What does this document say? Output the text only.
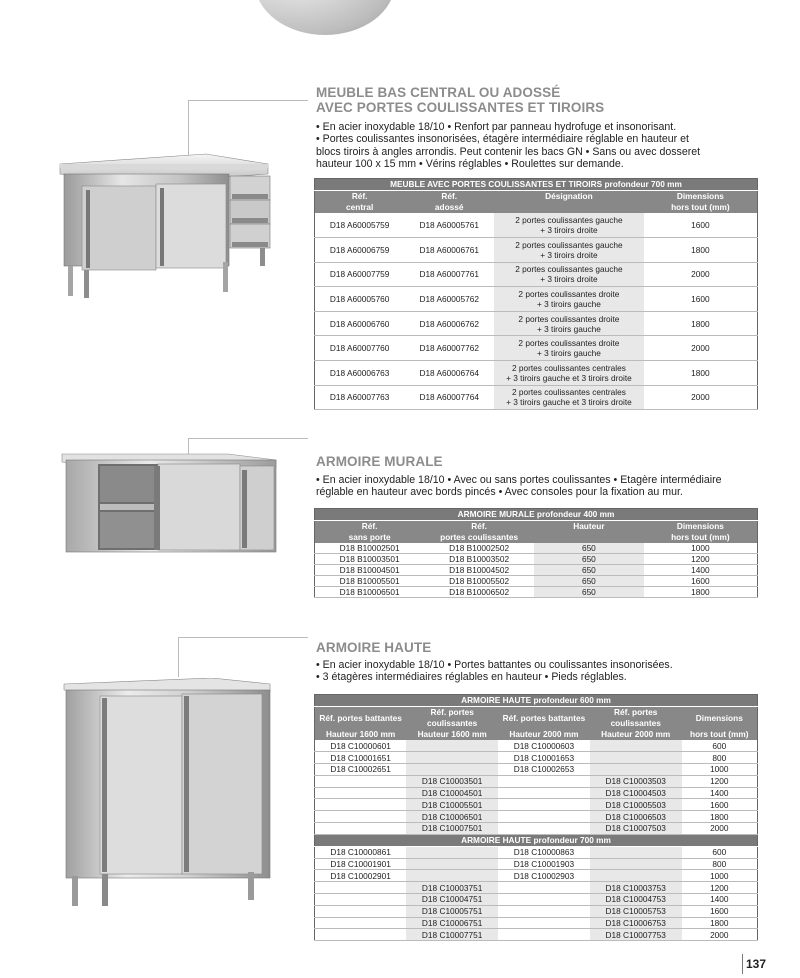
MEUBLE BAS CENTRAL OU ADOSSÉ
AVEC PORTES COULISSANTES ET TIROIRS
• En acier inoxydable 18/10 • Renfort par panneau hydrofuge et insonorisant.
• Portes coulissantes insonorisées, étagère intermédiaire réglable en hauteur et
blocs tiroirs à angles arrondis. Peut contenir les bacs GN • Sans ou avec dosseret
hauteur 100 x 15 mm • Vérins réglables • Roulettes sur demande.
MEUBLE AVEC PORTES COULISSANTES ET TIROIRS profondeur 700 mm			
Réf.	Réf.	Désignation	Dimensions
central	adossé		hors tout (mm)
D18 A60005759	D18 A60005761	2 portes coulissantes gauche
+ 3 tiroirs droite	1600
D18 A60006759	D18 A60006761	2 portes coulissantes gauche
+ 3 tiroirs droite	1800
D18 A60007759	D18 A60007761	2 portes coulissantes gauche
+ 3 tiroirs droite	2000
D18 A60005760	D18 A60005762	2 portes coulissantes droite
+ 3 tiroirs gauche	1600
D18 A60006760	D18 A60006762	2 portes coulissantes droite
+ 3 tiroirs gauche	1800
D18 A60007760	D18 A60007762	2 portes coulissantes droite
+ 3 tiroirs gauche	2000
D18 A60006763	D18 A60006764	2 portes coulissantes centrales
+ 3 tiroirs gauche et 3 tiroirs droite	1800
D18 A60007763	D18 A60007764	2 portes coulissantes centrales
+ 3 tiroirs gauche et 3 tiroirs droite	2000
ARMOIRE MURALE
• En acier inoxydable 18/10 • Avec ou sans portes coulissantes • Etagère intermédiaire
réglable en hauteur avec bords pincés • Avec consoles pour la fixation au mur.
ARMOIRE MURALE profondeur 400 mm			
Réf.	Réf.	Hauteur	Dimensions
sans porte	portes coulissantes		hors tout (mm)
D18 B10002501	D18 B10002502	650	1000
D18 B10003501	D18 B10003502	650	1200
D18 B10004501	D18 B10004502	650	1400
D18 B10005501	D18 B10005502	650	1600
D18 B10006501	D18 B10006502	650	1800
ARMOIRE HAUTE
• En acier inoxydable 18/10 • Portes battantes ou coulissantes insonorisées.
• 3 étagères intermédiaires réglables en hauteur • Pieds réglables.
ARMOIRE HAUTE profondeur 600 mm				
Réf. portes battantes	Réf. portes coulissantes	Réf. portes battantes	Réf. portes coulissantes	Dimensions
Hauteur 1600 mm	Hauteur 1600 mm	Hauteur 2000 mm	Hauteur 2000 mm	hors tout (mm)
D18 C10000601		D18 C10000603		600
D18 C10001651		D18 C10001653		800
D18 C10002651		D18 C10002653		1000
	D18 C10003501		D18 C10003503	1200
	D18 C10004501		D18 C10004503	1400
	D18 C10005501		D18 C10005503	1600
	D18 C10006501		D18 C10006503	1800
	D18 C10007501		D18 C10007503	2000
ARMOIRE HAUTE profondeur 700 mm				
D18 C10000861		D18 C10000863		600
D18 C10001901		D18 C10001903		800
D18 C10002901		D18 C10002903		1000
	D18 C10003751		D18 C10003753	1200
	D18 C10004751		D18 C10004753	1400
	D18 C10005751		D18 C10005753	1600
	D18 C10006751		D18 C10006753	1800
	D18 C10007751		D18 C10007753	2000
137
